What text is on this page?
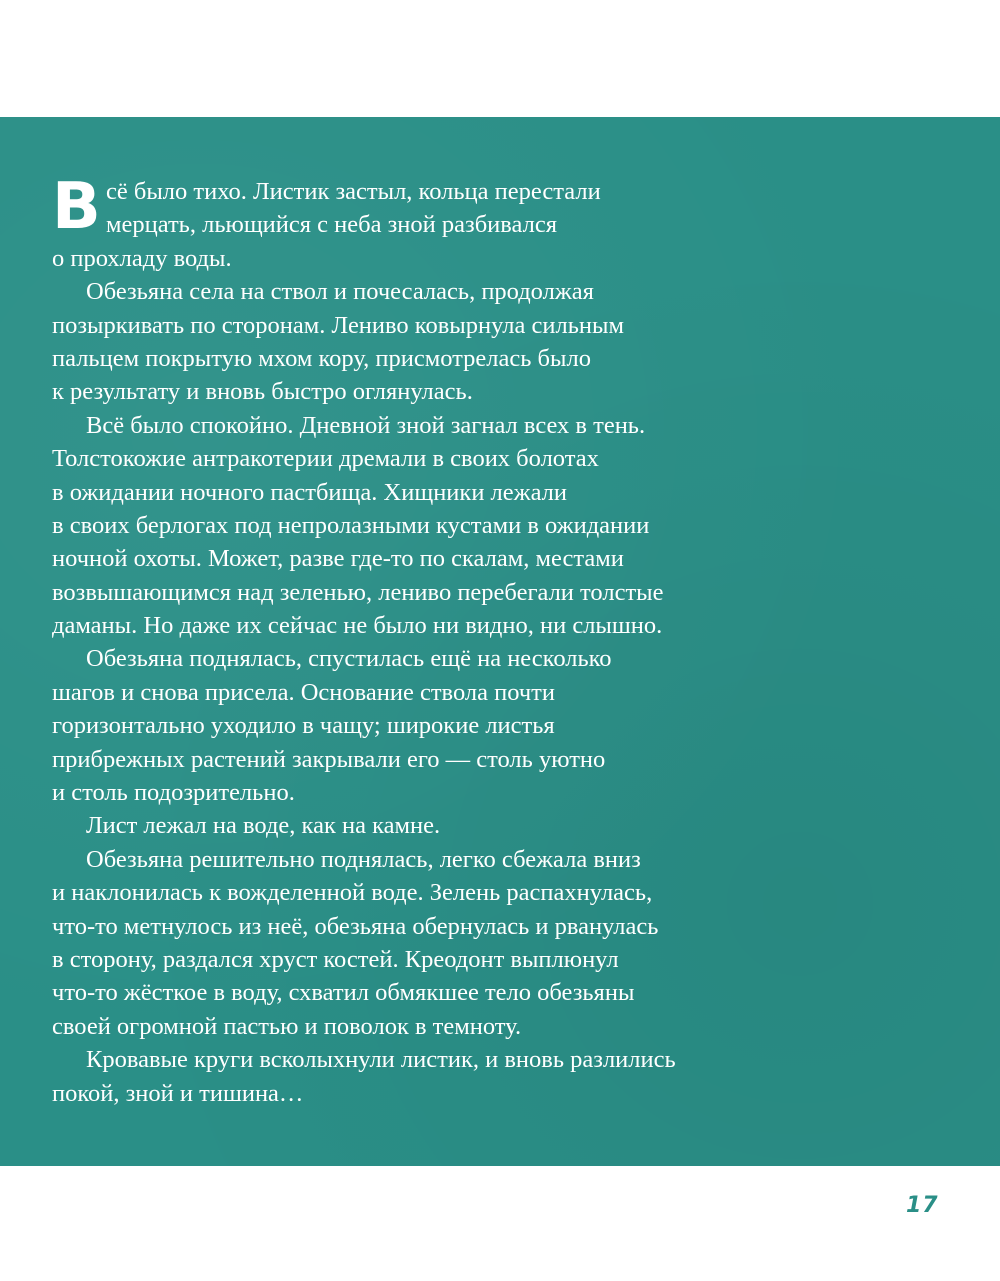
В сё было тихо. Листик застыл, кольца перестали
мерцать, льющийся с неба зной разбивался
о прохладу воды.
Обезьяна села на ствол и почесалась, продолжая
позыркивать по сторонам. Лениво ковырнула сильным
пальцем покрытую мхом кору, присмотрелась было
к результату и вновь быстро оглянулась.
Всё было спокойно. Дневной зной загнал всех в тень.
Толстокожие антракотерии дремали в своих болотах
в ожидании ночного пастбища. Хищники лежали
в своих берлогах под непролазными кустами в ожидании
ночной охоты. Может, разве где-то по скалам, местами
возвышающимся над зеленью, лениво перебегали толстые
даманы. Но даже их сейчас не было ни видно, ни слышно.
Обезьяна поднялась, спустилась ещё на несколько
шагов и снова присела. Основание ствола почти
горизонтально уходило в чащу; широкие листья
прибрежных растений закрывали его — столь уютно
и столь подозрительно.
Лист лежал на воде, как на камне.
Обезьяна решительно поднялась, легко сбежала вниз
и наклонилась к вожделенной воде. Зелень распахнулась,
что-то метнулось из неё, обезьяна обернулась и рванулась
в сторону, раздался хруст костей. Креодонт выплюнул
что-то жёсткое в воду, схватил обмякшее тело обезьяны
своей огромной пастью и поволок в темноту.
Кровавые круги всколыхнули листик, и вновь разлились
покой, зной и тишина…
17
